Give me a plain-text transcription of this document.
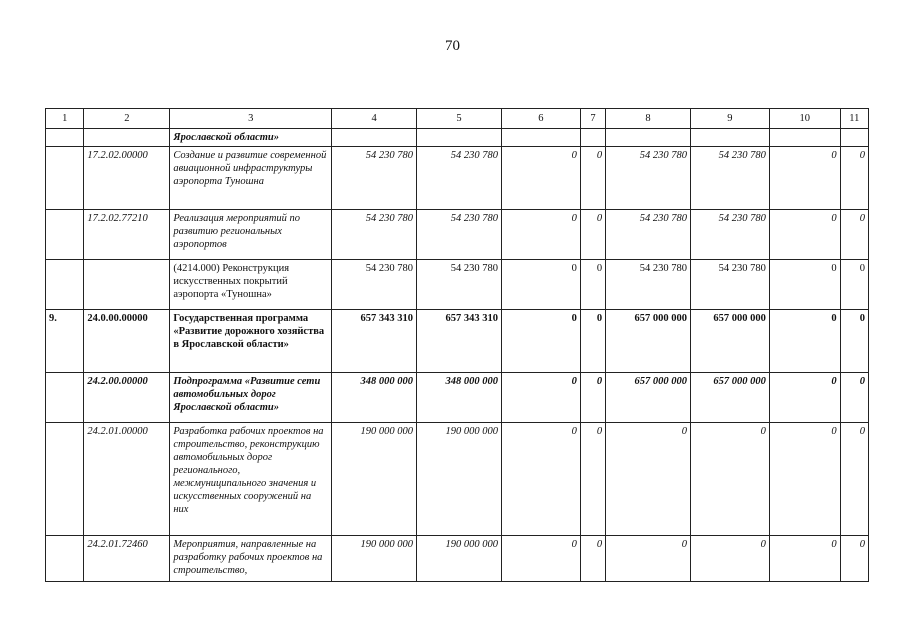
70
1	2	3	4	5	6	7	8	9	10	11
		Ярославской области»								
	17.2.02.00000	Создание и развитие современной авиационной инфраструктуры аэропорта Туношна	54 230 780	54 230 780	0	0	54 230 780	54 230 780	0	0
	17.2.02.77210	Реализация мероприятий по развитию региональных аэропортов	54 230 780	54 230 780	0	0	54 230 780	54 230 780	0	0
		(4214.000) Реконструкция искусственных покрытий аэропорта «Туношна»	54 230 780	54 230 780	0	0	54 230 780	54 230 780	0	0
9.	24.0.00.00000	Государственная программа «Развитие дорожного хозяйства в Ярославской области»	657 343 310	657 343 310	0	0	657 000 000	657 000 000	0	0
	24.2.00.00000	Подпрограмма «Развитие сети автомобильных дорог Ярославской области»	348 000 000	348 000 000	0	0	657 000 000	657 000 000	0	0
	24.2.01.00000	Разработка рабочих проектов на строительство, реконструкцию автомобильных дорог регионального, межмуниципального значения и искусственных сооружений на них	190 000 000	190 000 000	0	0	0	0	0	0
	24.2.01.72460	Мероприятия, направленные на разработку рабочих проектов на строительство,	190 000 000	190 000 000	0	0	0	0	0	0
